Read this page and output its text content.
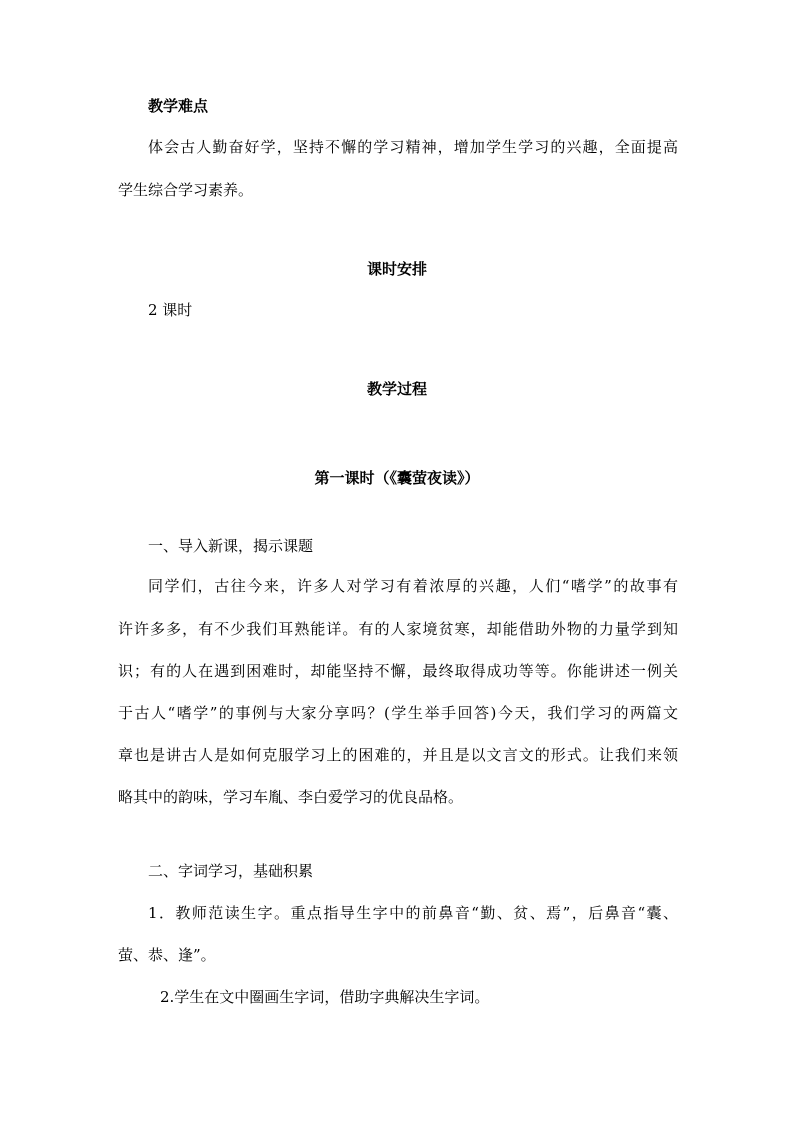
教学难点
体会古人勤奋好学，坚持不懈的学习精神，增加学生学习的兴趣，全面提高
学生综合学习素养。
课时安排
2 课时
教学过程
第一课时（《囊萤夜读》）
一、导入新课，揭示课题
同学们，古往今来，许多人对学习有着浓厚的兴趣，人们“嗜学”的故事有
许许多多，有不少我们耳熟能详。有的人家境贫寒，却能借助外物的力量学到知
识；有的人在遇到困难时，却能坚持不懈，最终取得成功等等。你能讲述一例关
于古人“嗜学”的事例与大家分享吗？(学生举手回答)今天，我们学习的两篇文
章也是讲古人是如何克服学习上的困难的，并且是以文言文的形式。让我们来领
略其中的韵味，学习车胤、李白爱学习的优良品格。
二、字词学习，基础积累
1．教师范读生字。重点指导生字中的前鼻音“勤、贫、焉”，后鼻音“囊、
萤、恭、逢”。
2.学生在文中圈画生字词，借助字典解决生字词。
